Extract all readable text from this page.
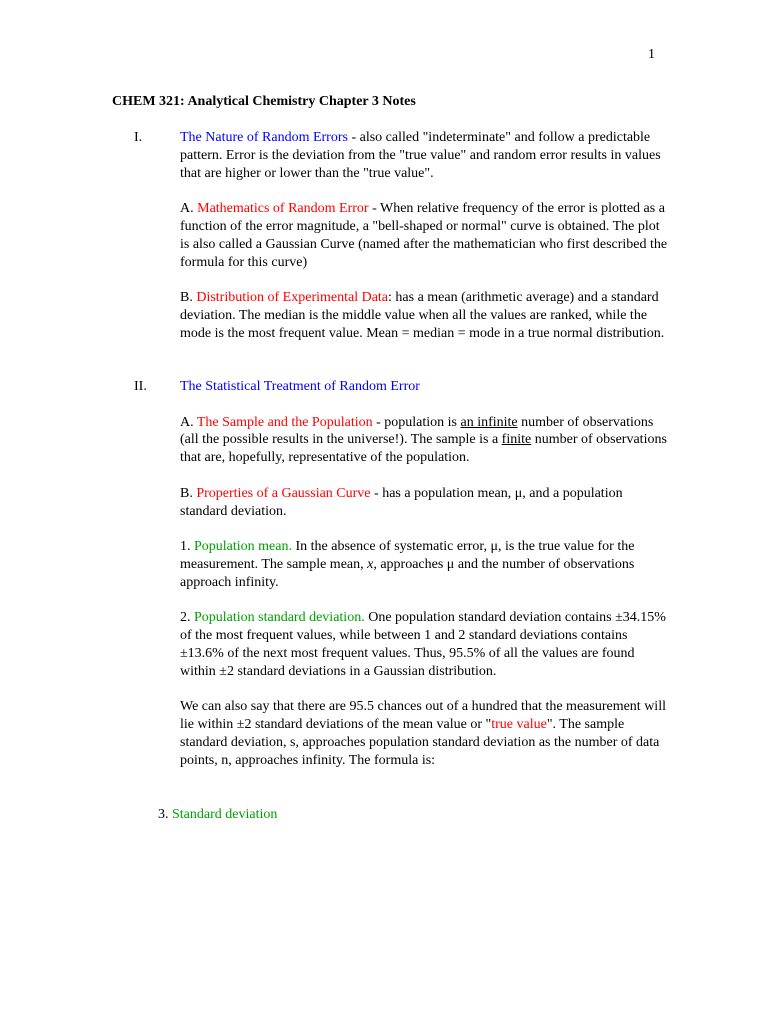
1
CHEM 321: Analytical Chemistry Chapter 3 Notes
I.	The Nature of Random Errors - also called "indeterminate" and follow a predictable pattern. Error is the deviation from the "true value" and random error results in values that are higher or lower than the "true value".

A. Mathematics of Random Error - When relative frequency of the error is plotted as a function of the error magnitude, a "bell-shaped or normal" curve is obtained. The plot is also called a Gaussian Curve (named after the mathematician who first described the formula for this curve)

B. Distribution of Experimental Data: has a mean (arithmetic average) and a standard deviation. The median is the middle value when all the values are ranked, while the mode is the most frequent value. Mean = median = mode in a true normal distribution.

II. The Statistical Treatment of Random Error

A. The Sample and the Population - population is an infinite number of observations (all the possible results in the universe!). The sample is a finite number of observations that are, hopefully, representative of the population.

B. Properties of a Gaussian Curve - has a population mean, μ, and a population standard deviation.

1. Population mean. In the absence of systematic error, μ, is the true value for the measurement. The sample mean, x, approaches μ and the number of observations approach infinity.

2. Population standard deviation. One population standard deviation contains ±34.15% of the most frequent values, while between 1 and 2 standard deviations contains ±13.6% of the next most frequent values. Thus, 95.5% of all the values are found within ±2 standard deviations in a Gaussian distribution.

We can also say that there are 95.5 chances out of a hundred that the measurement will lie within ±2 standard deviations of the mean value or "true value". The sample standard deviation, s, approaches population standard deviation as the number of data points, n, approaches infinity. The formula is:

3. Standard deviation
